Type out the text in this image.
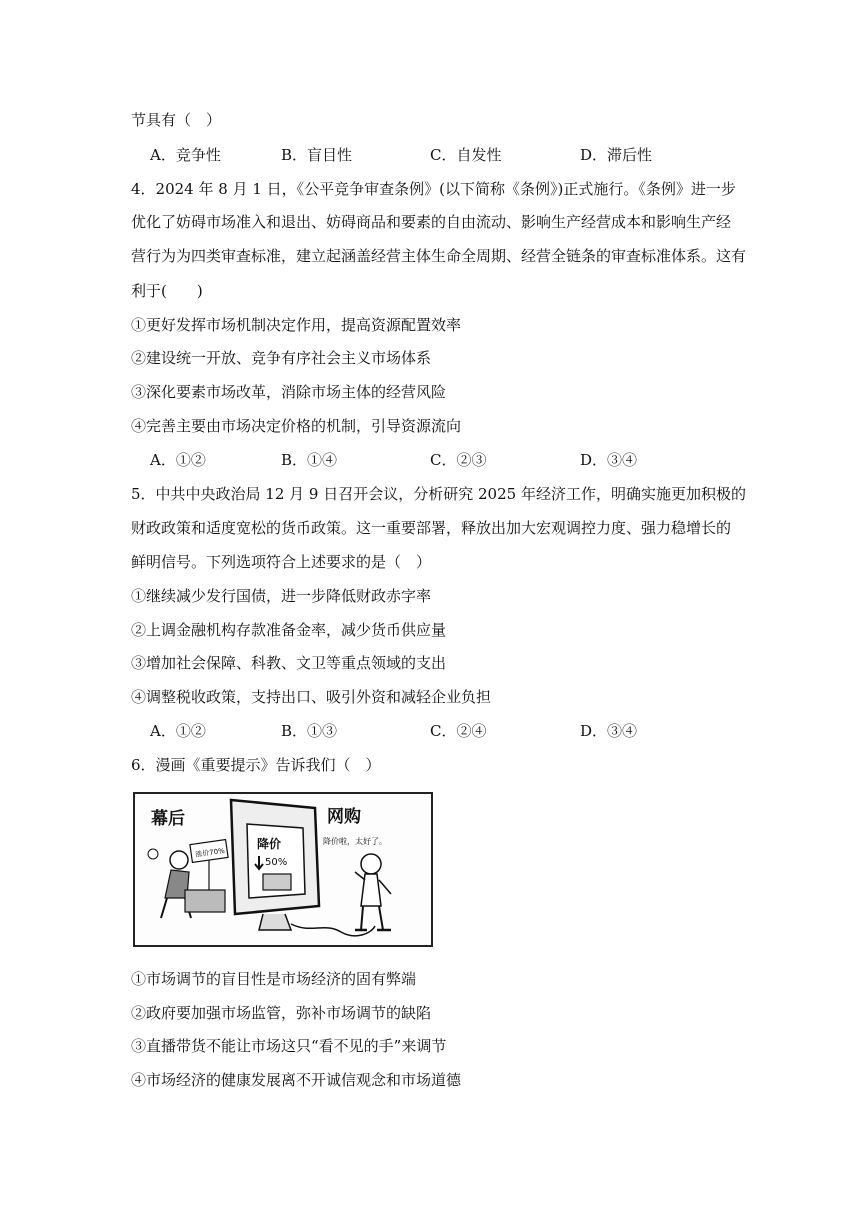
节具有（　）
A．竞争性	B．盲目性	C．自发性	D．滞后性
4．2024 年 8 月 1 日，《公平竞争审查条例》(以下简称《条例》)正式施行。《条例》进一步
优化了妨碍市场准入和退出、妨碍商品和要素的自由流动、影响生产经营成本和影响生产经
营行为为四类审查标准，建立起涵盖经营主体生命全周期、经营全链条的审查标准体系。这有
利于(　　)
①更好发挥市场机制决定作用，提高资源配置效率
②建设统一开放、竞争有序社会主义市场体系
③深化要素市场改革，消除市场主体的经营风险
④完善主要由市场决定价格的机制，引导资源流向
A．①②	B．①④	C．②③	D．③④
5．中共中央政治局 12 月 9 日召开会议，分析研究 2025 年经济工作，明确实施更加积极的
财政政策和适度宽松的货币政策。这一重要部署，释放出加大宏观调控力度、强力稳增长的
鲜明信号。下列选项符合上述要求的是（　）
①继续减少发行国债，进一步降低财政赤字率
②上调金融机构存款准备金率，减少货币供应量
③增加社会保障、科教、文卫等重点领域的支出
④调整税收政策，支持出口、吸引外资和减轻企业负担
A．①②	B．①③	C．②④	D．③④
6．漫画《重要提示》告诉我们（　）
幕后	网购
降价啦，太好了。
降价
50%
涨价70%
①市场调节的盲目性是市场经济的固有弊端
②政府要加强市场监管，弥补市场调节的缺陷
③直播带货不能让市场这只“看不见的手”来调节
④市场经济的健康发展离不开诚信观念和市场道德
